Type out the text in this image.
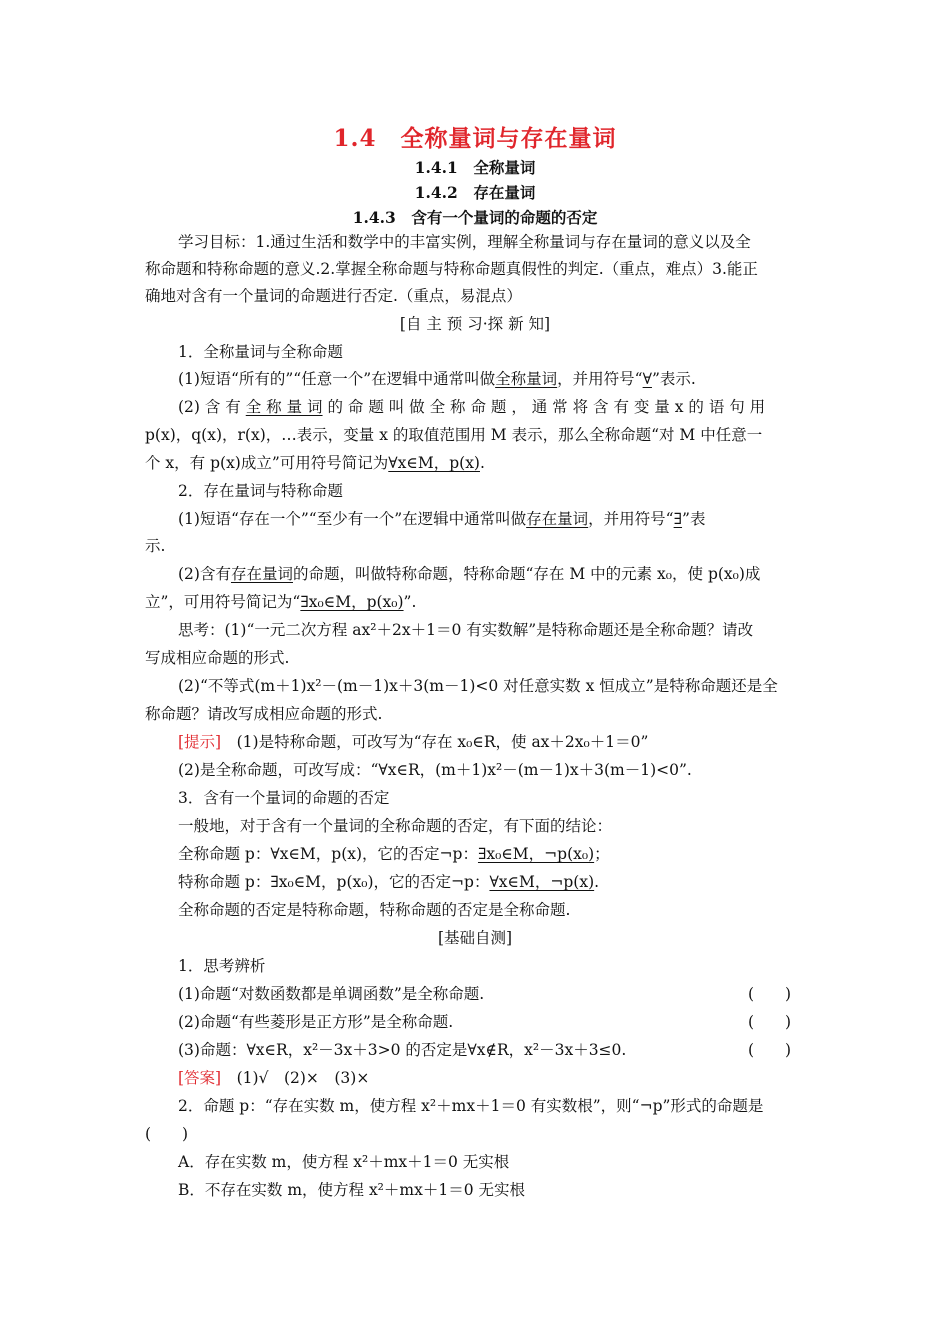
1.4　全称量词与存在量词
1.4.1　全称量词
1.4.2　存在量词
1.4.3　含有一个量词的命题的否定
学习目标：1.通过生活和数学中的丰富实例，理解全称量词与存在量词的意义以及全
称命题和特称命题的意义.2.掌握全称命题与特称命题真假性的判定.（重点，难点）3.能正
确地对含有一个量词的命题进行否定.（重点，易混点）
[自 主 预 习·探 新 知]
1．全称量词与全称命题
(1)短语“所有的”“任意一个”在逻辑中通常叫做全称量词，并用符号“∀”表示.
(2) 含 有 全 称 量 词 的 命 题 叫 做 全 称 命 题 ， 通 常 将 含 有 变 量 x 的 语 句 用
p(x)，q(x)，r(x)，…表示，变量 x 的取值范围用 M 表示，那么全称命题“对 M 中任意一
个 x，有 p(x)成立”可用符号简记为∀x∈M，p(x).
2．存在量词与特称命题
(1)短语“存在一个”“至少有一个”在逻辑中通常叫做存在量词，并用符号“∃”表
示.
(2)含有存在量词的命题，叫做特称命题，特称命题“存在 M 中的元素 x₀，使 p(x₀)成
立”，可用符号简记为“∃x₀∈M，p(x₀)”.
思考：(1)“一元二次方程 ax²＋2x＋1＝0 有实数解”是特称命题还是全称命题？请改
写成相应命题的形式.
(2)“不等式(m＋1)x²－(m－1)x＋3(m－1)<0 对任意实数 x 恒成立”是特称命题还是全
称命题？请改写成相应命题的形式.
[提示]　(1)是特称命题，可改写为“存在 x₀∈R，使 ax＋2x₀＋1＝0”
(2)是全称命题，可改写成：“∀x∈R，(m＋1)x²－(m－1)x＋3(m－1)<0”.
3．含有一个量词的命题的否定
一般地，对于含有一个量词的全称命题的否定，有下面的结论：
全称命题 p：∀x∈M，p(x)，它的否定¬p：∃x₀∈M，¬p(x₀)；
特称命题 p：∃x₀∈M，p(x₀)，它的否定¬p：∀x∈M，¬p(x).
全称命题的否定是特称命题，特称命题的否定是全称命题.
[基础自测]
1．思考辨析
(1)命题“对数函数都是单调函数”是全称命题.	(　　)
(2)命题“有些菱形是正方形”是全称命题.	(　　)
(3)命题：∀x∈R，x²－3x＋3>0 的否定是∀x∉R，x²－3x＋3≤0.	(　　)
[答案]　(1)√　(2)×　(3)×
2．命题 p：“存在实数 m，使方程 x²＋mx＋1＝0 有实数根”，则“¬p”形式的命题是
(　　)
A．存在实数 m，使方程 x²＋mx＋1＝0 无实根
B．不存在实数 m，使方程 x²＋mx＋1＝0 无实根
